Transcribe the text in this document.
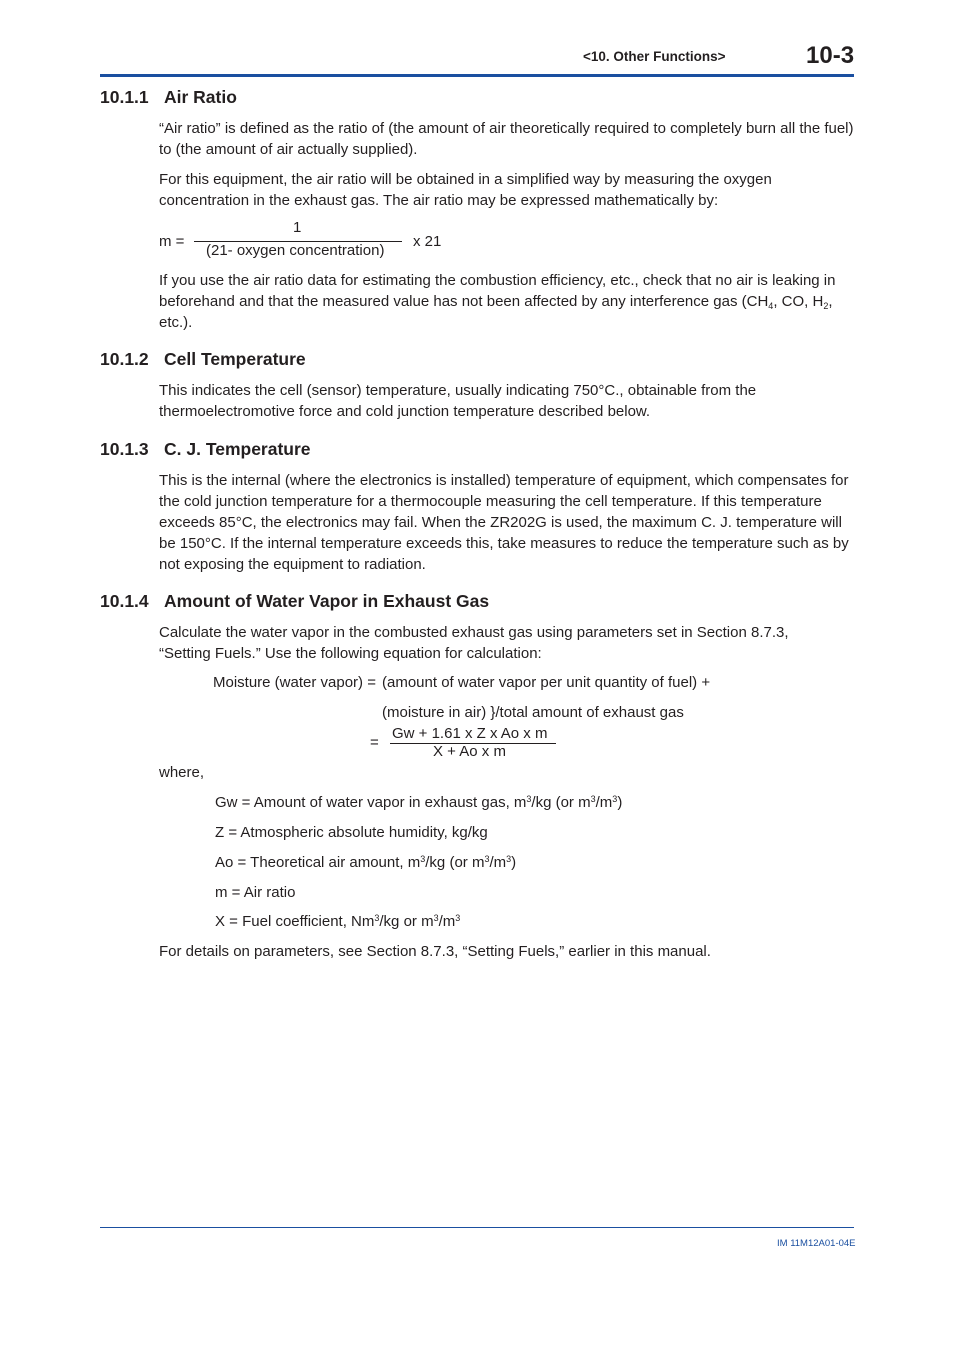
<10. Other Functions>	10-3
10.1.1 Air Ratio
“Air ratio” is defined as the ratio of (the amount of air theoretically required to completely burn all the fuel) to (the amount of air actually supplied).
For this equipment, the air ratio will be obtained in a simplified way by measuring the oxygen concentration in the exhaust gas. The air ratio may be expressed mathematically by:
m =
1
(21- oxygen concentration)
x 21
If you use the air ratio data for estimating the combustion efficiency, etc., check that no air is leaking in beforehand and that the measured value has not been affected by any interference gas ($CH_4$, CO, $H_2$, etc.).
10.1.2 Cell Temperature
This indicates the cell (sensor) temperature, usually indicating 750°C., obtainable from the thermoelectromotive force and cold junction temperature described below.
10.1.3 C. J. Temperature
This is the internal (where the electronics is installed) temperature of equipment, which compensates for the cold junction temperature for a thermocouple measuring the cell temperature. If this temperature exceeds 85°C, the electronics may fail. When the ZR202G is used, the maximum C. J. temperature will be 150°C. If the internal temperature exceeds this, take measures to reduce the temperature such as by not exposing the equipment to radiation.
10.1.4 Amount of Water Vapor in Exhaust Gas
Calculate the water vapor in the combusted exhaust gas using parameters set in Section 8.7.3, “Setting Fuels.” Use the following equation for calculation:
Moisture (water vapor) = (amount of water vapor per unit quantity of fuel) +
(moisture in air) }/total amount of exhaust gas
=
Gw + 1.61 x Z x Ao x m
X + Ao x m
where,
Gw = Amount of water vapor in exhaust gas, $m^3/kg$ (or $m^3/m^3$)
Z = Atmospheric absolute humidity, kg/kg
Ao = Theoretical air amount, $m^3/kg$ (or $m^3/m^3$)
m = Air ratio
X = Fuel coefficient, Nm$^3$/kg or $m^3/m^3$
For details on parameters, see Section 8.7.3, “Setting Fuels,” earlier in this manual.
IM 11M12A01-04E
